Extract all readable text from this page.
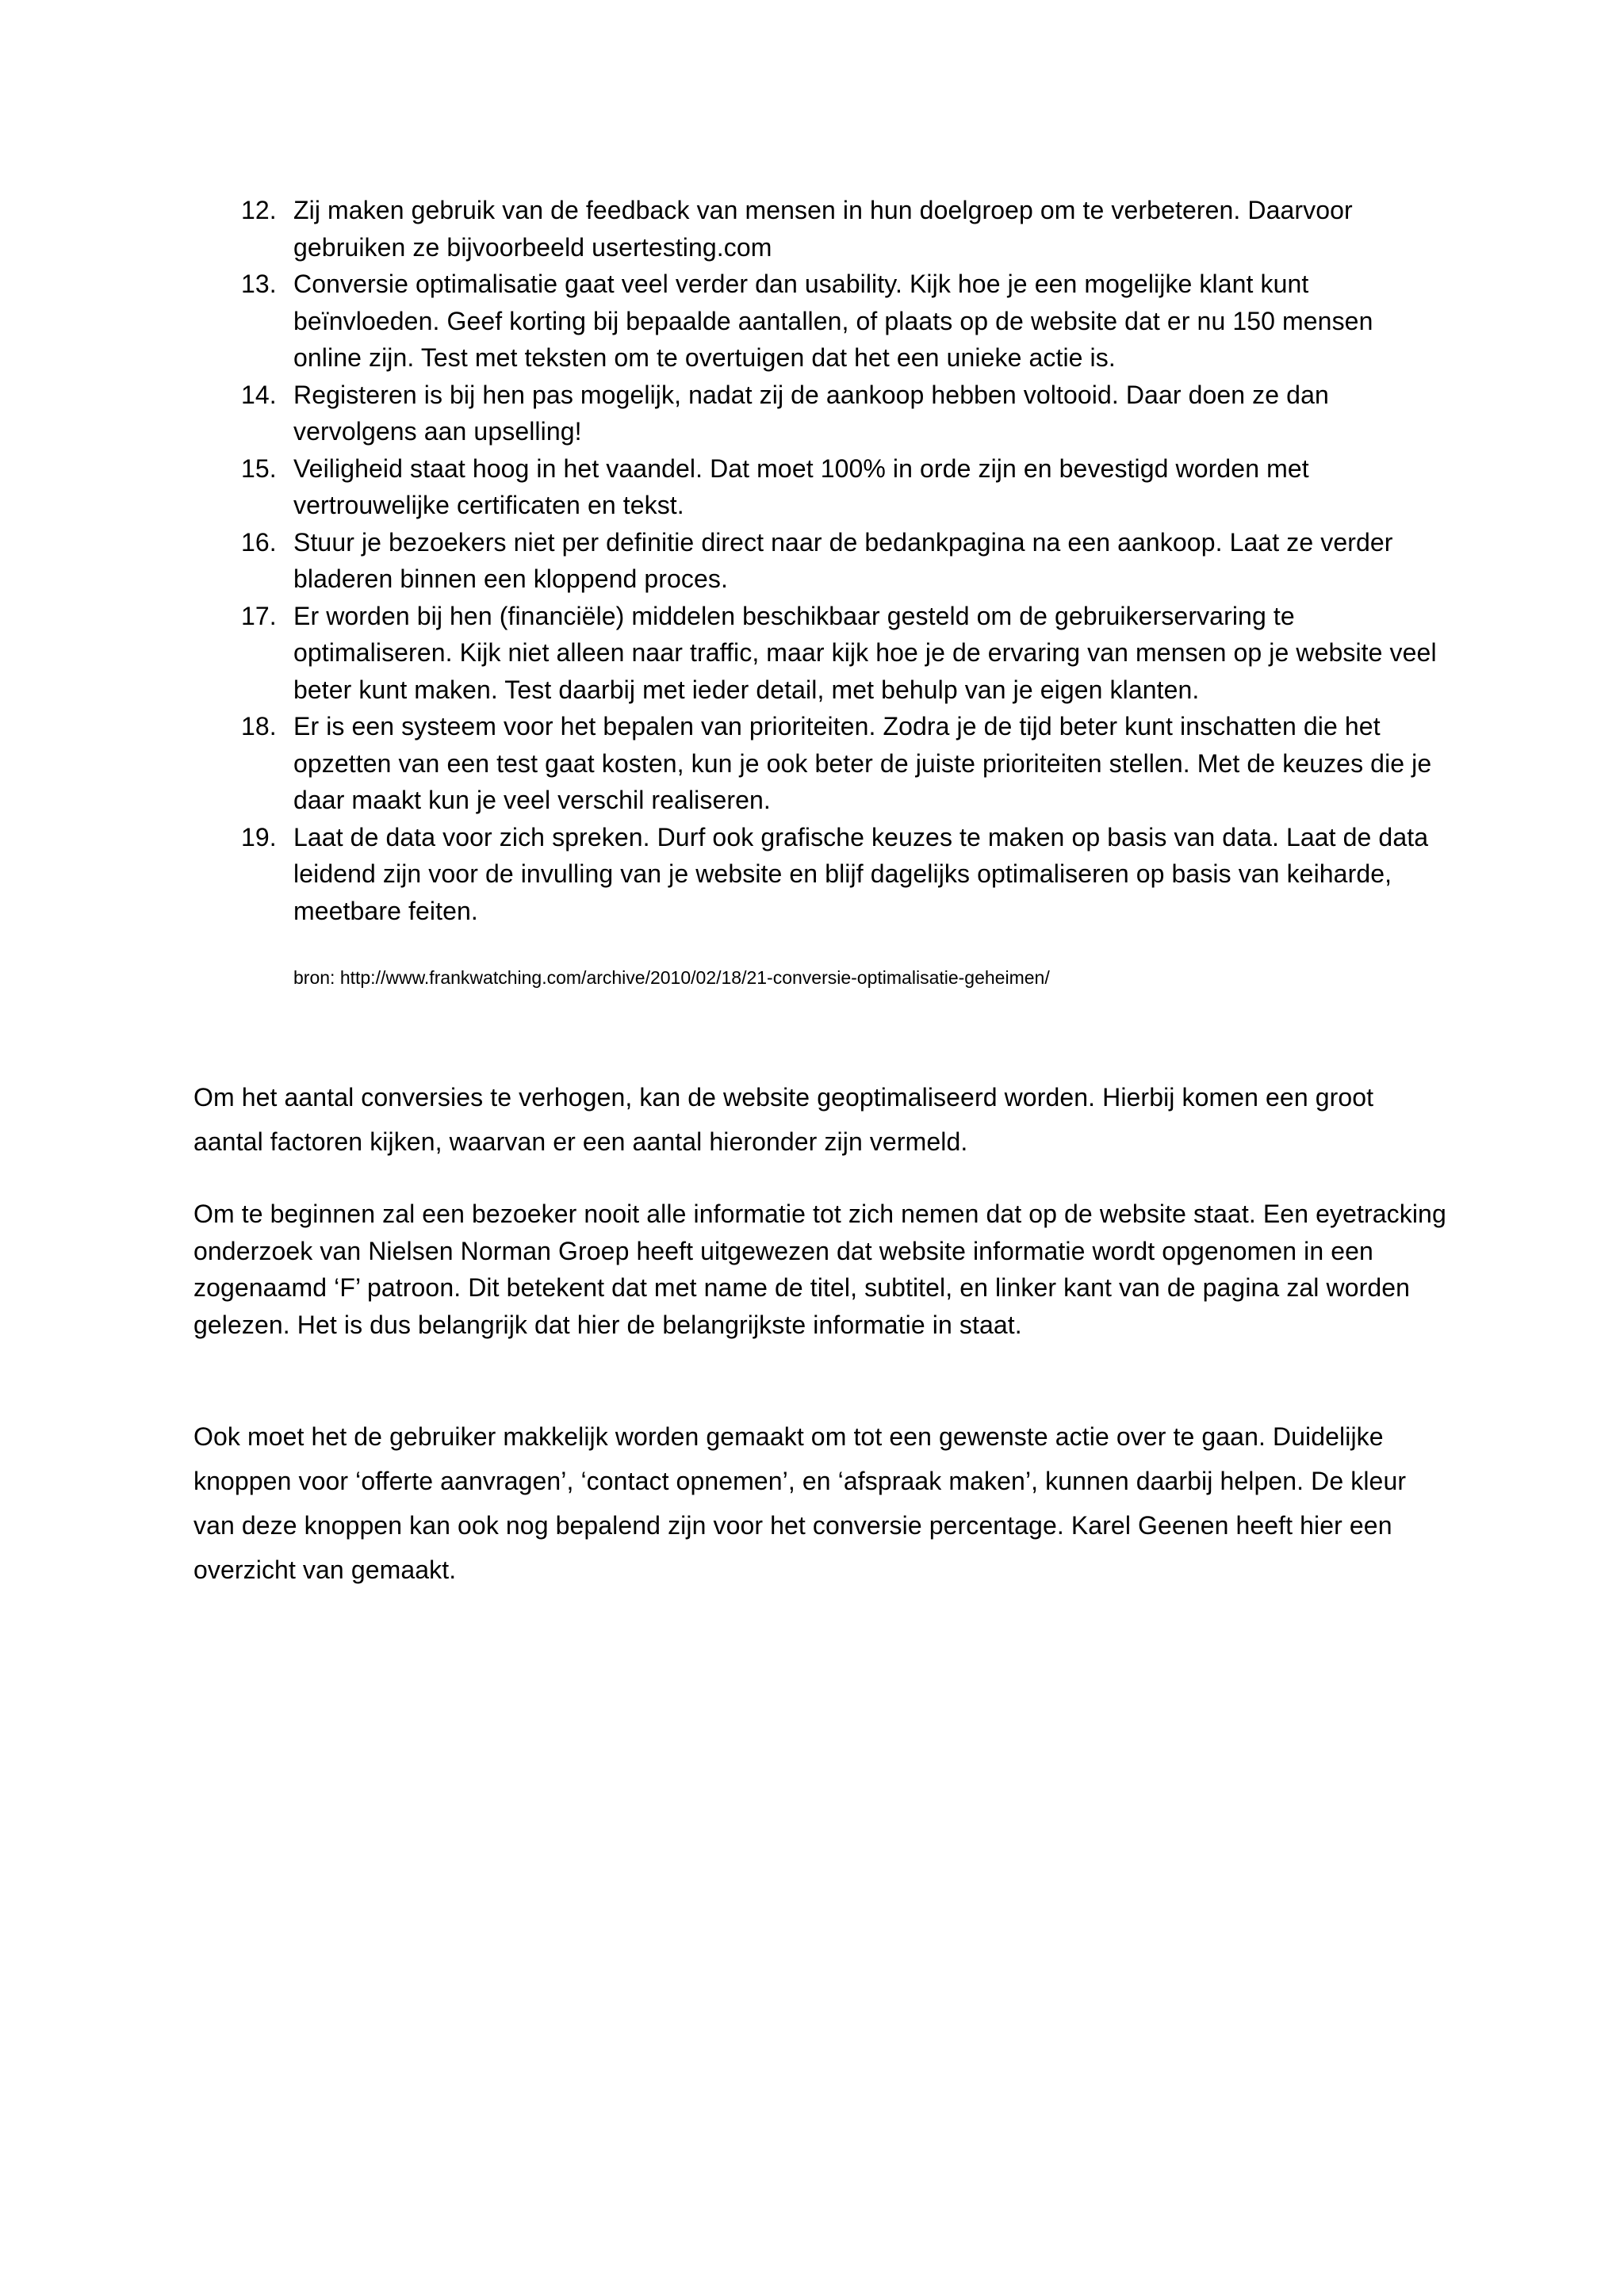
12. Zij maken gebruik van de feedback van mensen in hun doelgroep om te verbeteren. Daarvoor gebruiken ze bijvoorbeeld usertesting.com
13. Conversie optimalisatie gaat veel verder dan usability. Kijk hoe je een mogelijke klant kunt beïnvloeden. Geef korting bij bepaalde aantallen, of plaats op de website dat er nu 150 mensen online zijn. Test met teksten om te overtuigen dat het een unieke actie is.
14. Registeren is bij hen pas mogelijk, nadat zij de aankoop hebben voltooid. Daar doen ze dan vervolgens aan upselling!
15. Veiligheid staat hoog in het vaandel. Dat moet 100% in orde zijn en bevestigd worden met vertrouwelijke certificaten en tekst.
16. Stuur je bezoekers niet per definitie direct naar de bedankpagina na een aankoop. Laat ze verder bladeren binnen een kloppend proces.
17. Er worden bij hen (financiële) middelen beschikbaar gesteld om de gebruikerservaring te optimaliseren. Kijk niet alleen naar traffic, maar kijk hoe je de ervaring van mensen op je website veel beter kunt maken. Test daarbij met ieder detail, met behulp van je eigen klanten.
18. Er is een systeem voor het bepalen van prioriteiten. Zodra je de tijd beter kunt inschatten die het opzetten van een test gaat kosten, kun je ook beter de juiste prioriteiten stellen. Met de keuzes die je daar maakt kun je veel verschil realiseren.
19. Laat de data voor zich spreken. Durf ook grafische keuzes te maken op basis van data. Laat de data leidend zijn voor de invulling van je website en blijf dagelijks optimaliseren op basis van keiharde, meetbare feiten.
bron: http://www.frankwatching.com/archive/2010/02/18/21-conversie-optimalisatie-geheimen/

Om het aantal conversies te verhogen, kan de website geoptimaliseerd worden. Hierbij komen een groot aantal factoren kijken, waarvan er een aantal hieronder zijn vermeld.

Om te beginnen zal een bezoeker nooit alle informatie tot zich nemen dat op de website staat. Een eyetracking onderzoek van Nielsen Norman Groep heeft uitgewezen dat website informatie wordt opgenomen in een zogenaamd ‘F’ patroon. Dit betekent dat met name de titel, subtitel, en linker kant van de pagina zal worden gelezen. Het is dus belangrijk dat hier de belangrijkste informatie in staat.

Ook moet het de gebruiker makkelijk worden gemaakt om tot een gewenste actie over te gaan. Duidelijke knoppen voor ‘offerte aanvragen’, ‘contact opnemen’, en ‘afspraak maken’, kunnen daarbij helpen. De kleur van deze knoppen kan ook nog bepalend zijn voor het conversie percentage. Karel Geenen heeft hier een overzicht van gemaakt.
